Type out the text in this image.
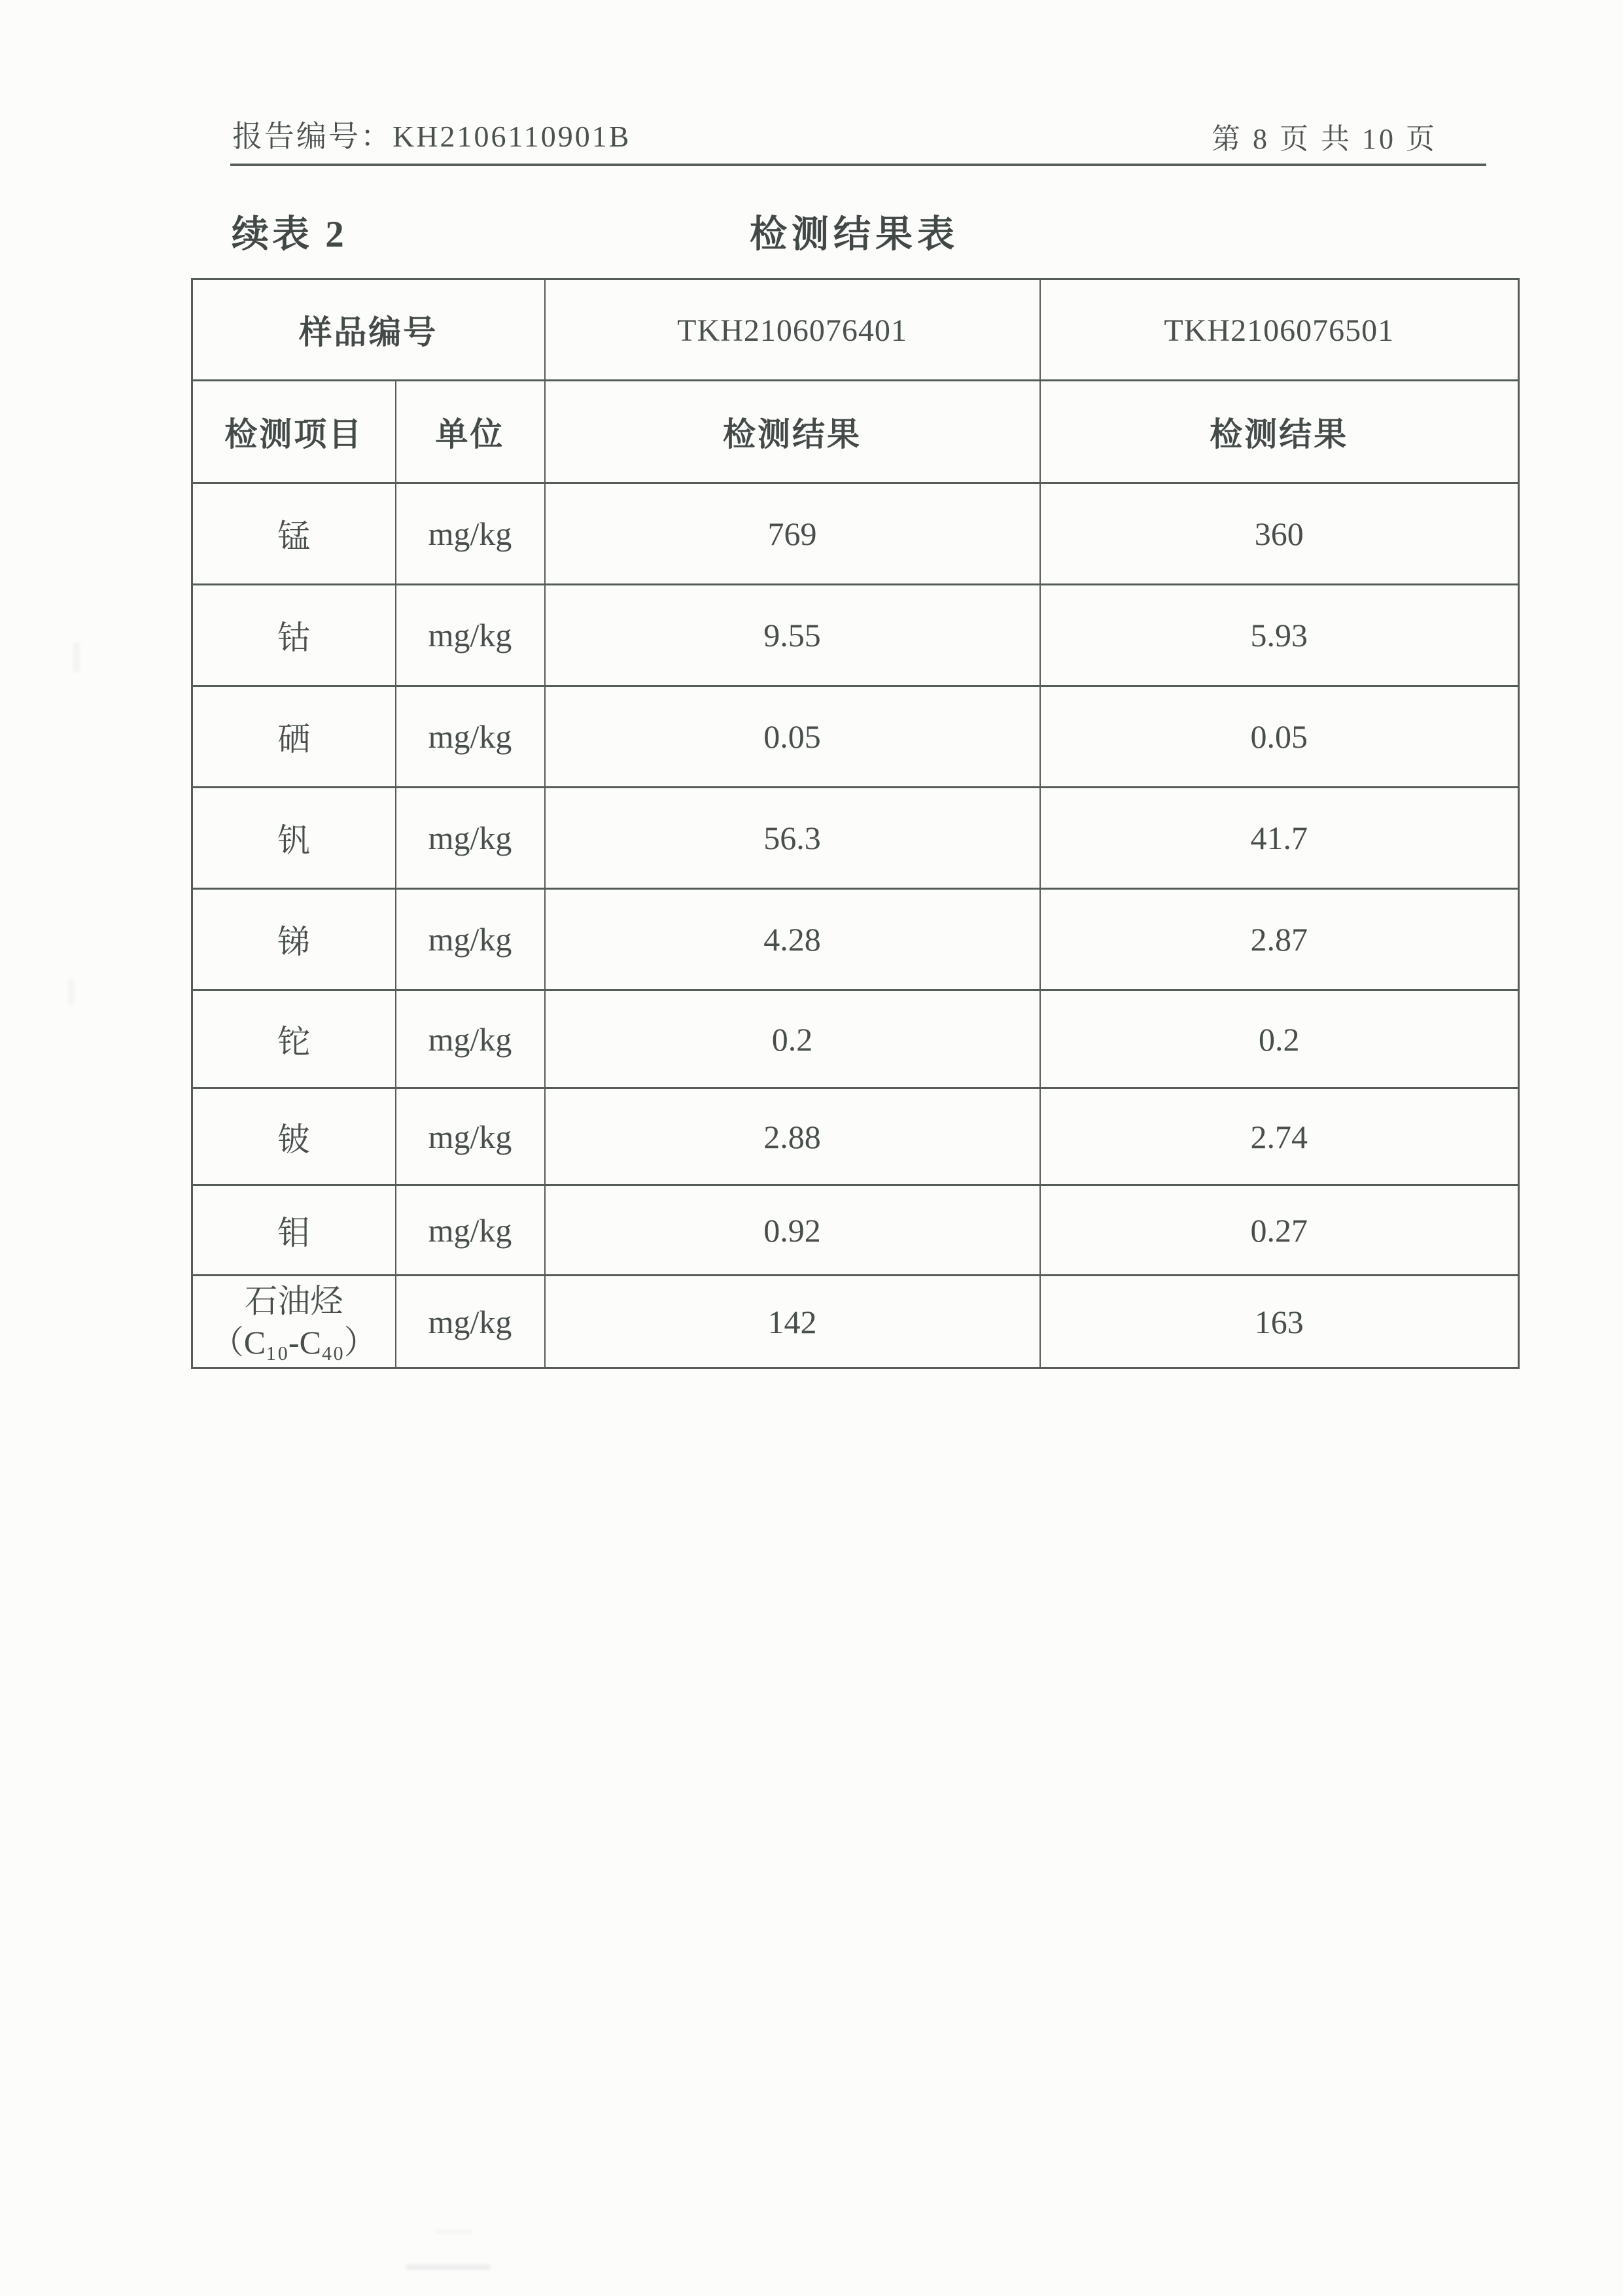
报告编号：KH2106110901B	第 8 页 共 10 页
续表 2	检测结果表
样品编号		TKH2106076401	TKH2106076501
检测项目	单位	检测结果	检测结果
锰	mg/kg	769	360
钴	mg/kg	9.55	5.93
硒	mg/kg	0.05	0.05
钒	mg/kg	56.3	41.7
锑	mg/kg	4.28	2.87
铊	mg/kg	0.2	0.2
铍	mg/kg	2.88	2.74
钼	mg/kg	0.92	0.27

石油烃
（C₁₀-C₄₀）	mg/kg	142	163
